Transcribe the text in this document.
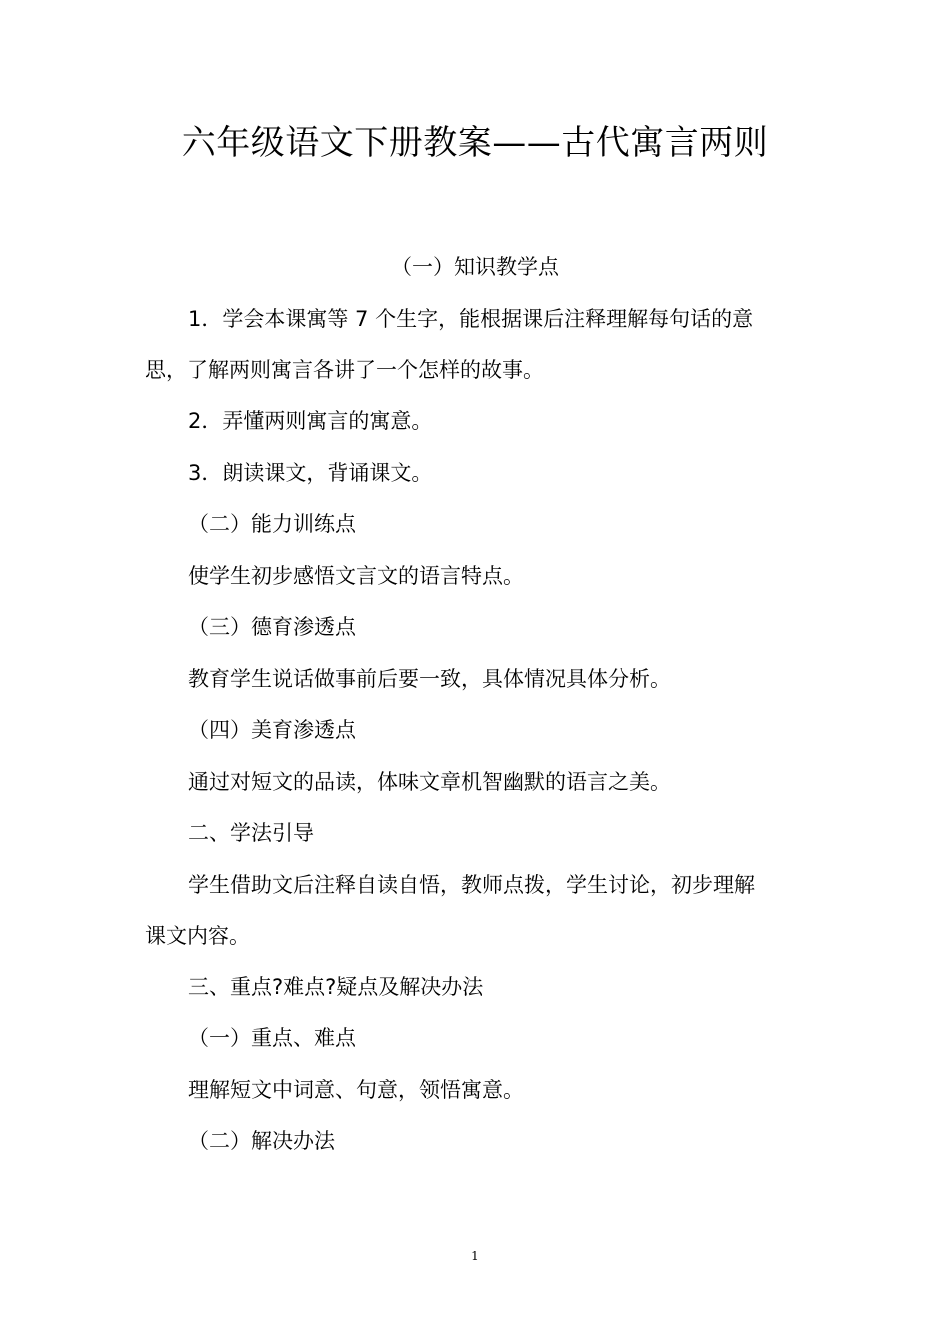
六年级语文下册教案——古代寓言两则
（一）知识教学点
1．学会本课寓等 7 个生字，能根据课后注释理解每句话的意
思，了解两则寓言各讲了一个怎样的故事。
2．弄懂两则寓言的寓意。
3．朗读课文，背诵课文。
（二）能力训练点
使学生初步感悟文言文的语言特点。
（三）德育渗透点
教育学生说话做事前后要一致，具体情况具体分析。
（四）美育渗透点
通过对短文的品读，体味文章机智幽默的语言之美。
二、学法引导
学生借助文后注释自读自悟，教师点拨，学生讨论，初步理解
课文内容。
三、重点?难点?疑点及解决办法
（一）重点、难点
理解短文中词意、句意，领悟寓意。
（二）解决办法
1
